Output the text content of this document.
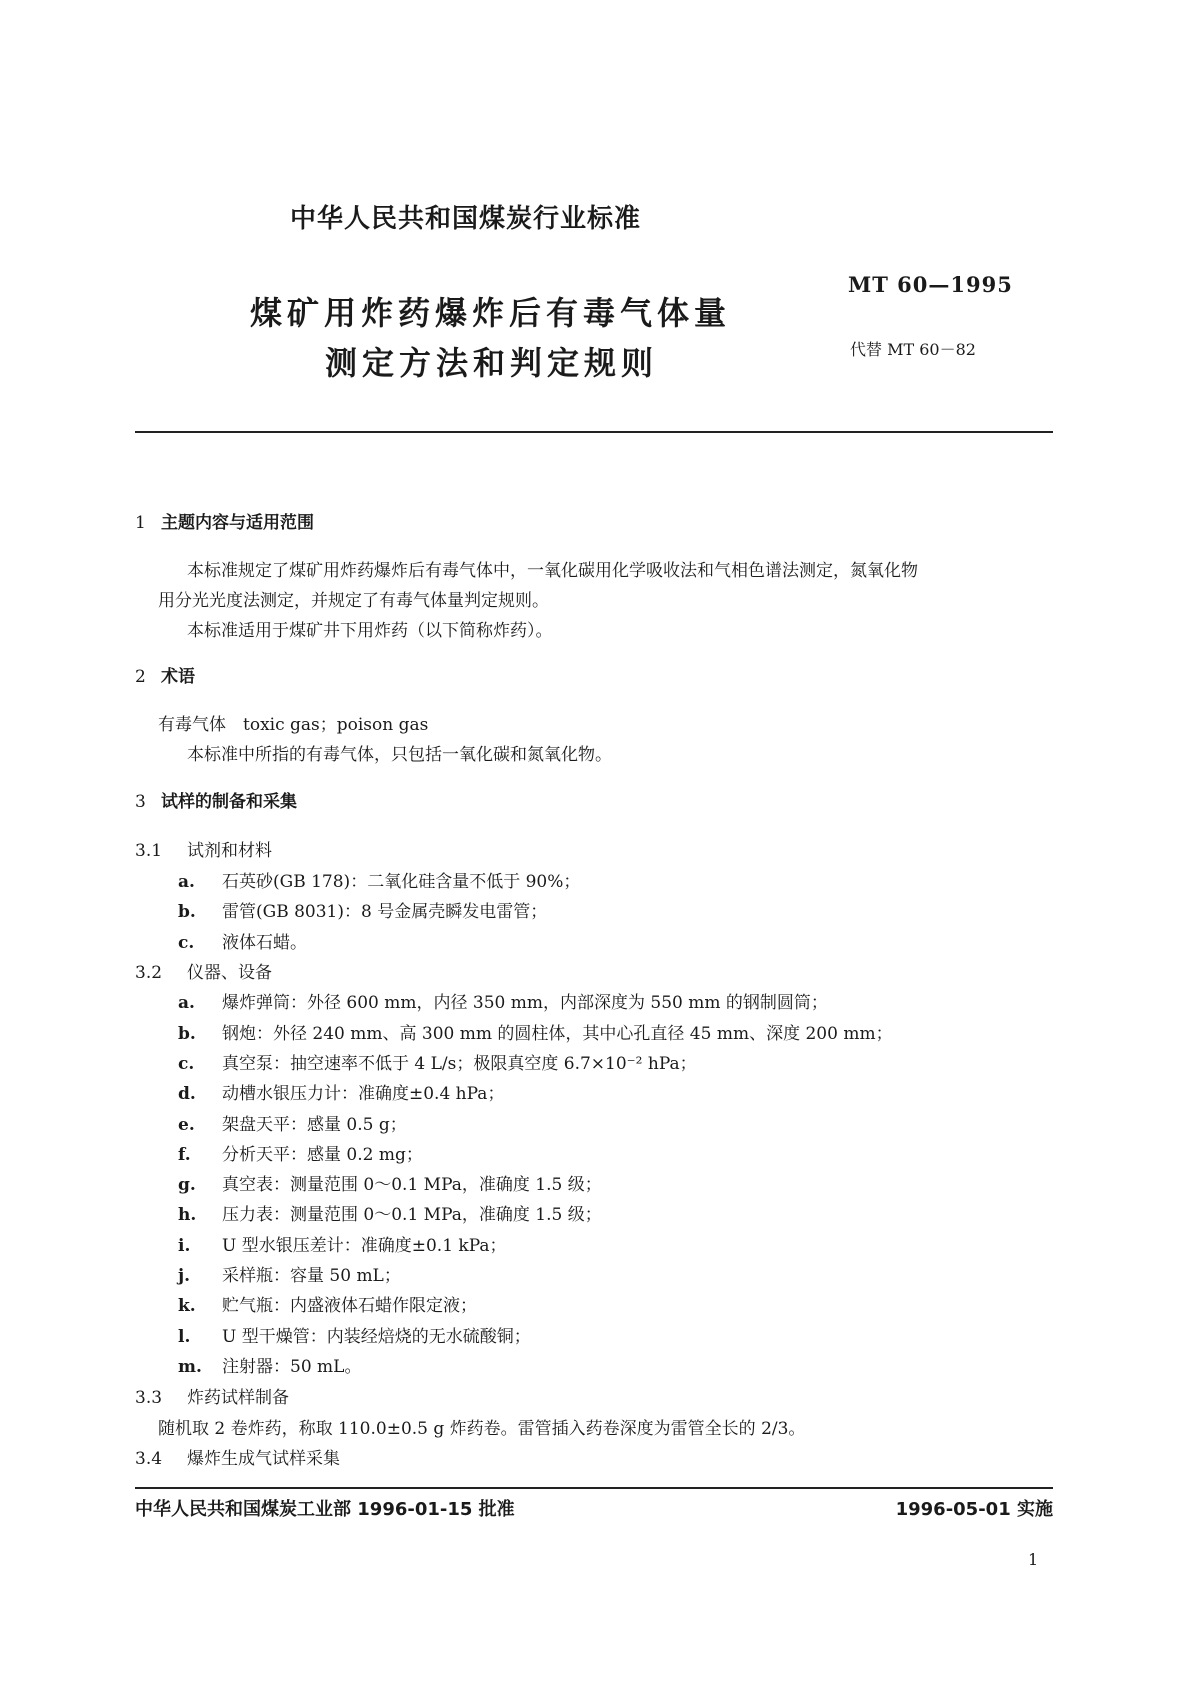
中华人民共和国煤炭行业标准
煤矿用炸药爆炸后有毒气体量
测定方法和判定规则
MT 60—1995
代替 MT 60－82
1 主题内容与适用范围
本标准规定了煤矿用炸药爆炸后有毒气体中，一氧化碳用化学吸收法和气相色谱法测定，氮氧化物
用分光光度法测定，并规定了有毒气体量判定规则。
本标准适用于煤矿井下用炸药（以下简称炸药）。
2 术语
有毒气体　toxic gas；poison gas
本标准中所指的有毒气体，只包括一氧化碳和氮氧化物。
3 试样的制备和采集
3.1 试剂和材料
a. 石英砂(GB 178)：二氧化硅含量不低于 90%；
b. 雷管(GB 8031)：8 号金属壳瞬发电雷管；
c. 液体石蜡。
3.2 仪器、设备
a. 爆炸弹筒：外径 600 mm，内径 350 mm，内部深度为 550 mm 的钢制圆筒；
b. 钢炮：外径 240 mm、高 300 mm 的圆柱体，其中心孔直径 45 mm、深度 200 mm；
c. 真空泵：抽空速率不低于 4 L/s；极限真空度 6.7×10⁻² hPa；
d. 动槽水银压力计：准确度±0.4 hPa；
e. 架盘天平：感量 0.5 g；
f. 分析天平：感量 0.2 mg；
g. 真空表：测量范围 0～0.1 MPa，准确度 1.5 级；
h. 压力表：测量范围 0～0.1 MPa，准确度 1.5 级；
i. U 型水银压差计：准确度±0.1 kPa；
j. 采样瓶：容量 50 mL；
k. 贮气瓶：内盛液体石蜡作限定液；
l. U 型干燥管：内装经焙烧的无水硫酸铜；
m. 注射器：50 mL。
3.3 炸药试样制备
随机取 2 卷炸药，称取 110.0±0.5 g 炸药卷。雷管插入药卷深度为雷管全长的 2/3。
3.4 爆炸生成气试样采集
中华人民共和国煤炭工业部 1996-01-15 批准	1996-05-01 实施
1
